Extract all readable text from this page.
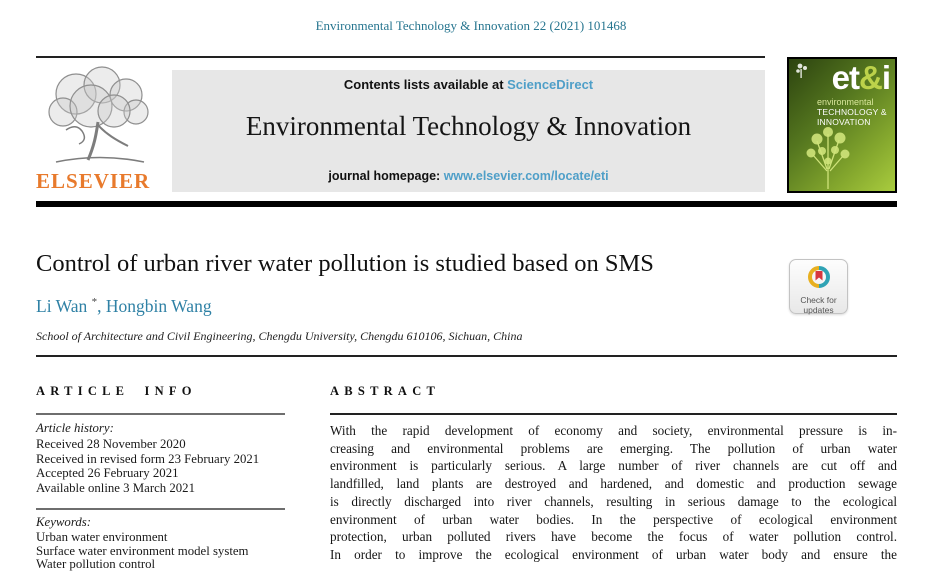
Environmental Technology & Innovation 22 (2021) 101468
ELSEVIER
Contents lists available at ScienceDirect
Environmental Technology & Innovation
journal homepage: www.elsevier.com/locate/eti
et&i
environmental
TECHNOLOGY &
INNOVATION
Control of urban river water pollution is studied based on SMS
Check for
updates
Li Wan *, Hongbin Wang
School of Architecture and Civil Engineering, Chengdu University, Chengdu 610106, Sichuan, China
ARTICLE INFO
Article history:
Received 28 November 2020
Received in revised form 23 February 2021
Accepted 26 February 2021
Available online 3 March 2021
Keywords:
Urban water environment
Surface water environment model system
Water pollution control
ABSTRACT
With the rapid development of economy and society, environmental pressure is in-
creasing and environmental problems are emerging. The pollution of urban water
environment is particularly serious. A large number of river channels are cut off and
landfilled, land plants are destroyed and hardened, and domestic and production sewage
is directly discharged into river channels, resulting in serious damage to the ecological
environment of urban water bodies. In the perspective of ecological environment
protection, urban polluted rivers have become the focus of water pollution control.
In order to improve the ecological environment of urban water body and ensure the
